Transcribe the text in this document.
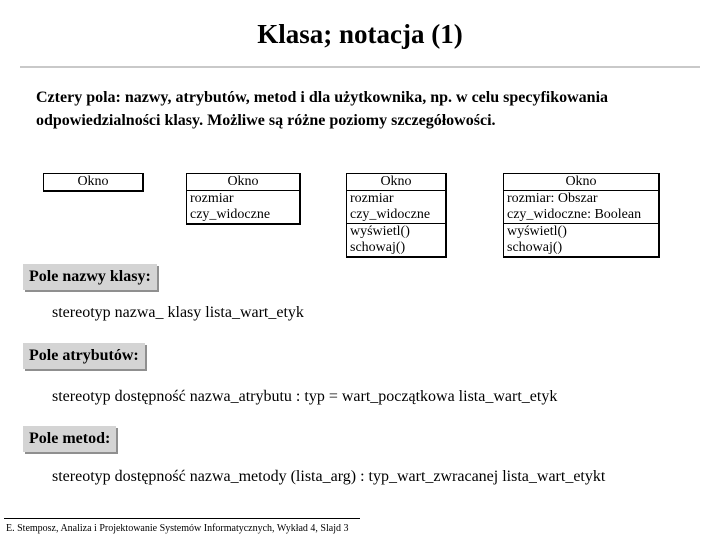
Klasa; notacja (1)
Cztery pola: nazwy, atrybutów, metod i dla użytkownika, np. w celu specyfikowania odpowiedzialności klasy. Możliwe są różne poziomy szczegółowości.
Okno	Okno
rozmiar
czy_widoczne
Okno
rozmiar
czy_widoczne
wyświetl()
schowaj()
Okno
rozmiar: Obszar
czy_widoczne: Boolean
wyświetl()
schowaj()
Pole nazwy klasy:
stereotyp nazwa_ klasy lista_wart_etyk
Pole atrybutów:
stereotyp dostępność nazwa_atrybutu : typ = wart_początkowa lista_wart_etyk
Pole metod:
stereotyp dostępność nazwa_metody (lista_arg) : typ_wart_zwracanej lista_wart_etykt
E. Stemposz, Analiza i Projektowanie Systemów Informatycznych, Wykład 4, Slajd 3
